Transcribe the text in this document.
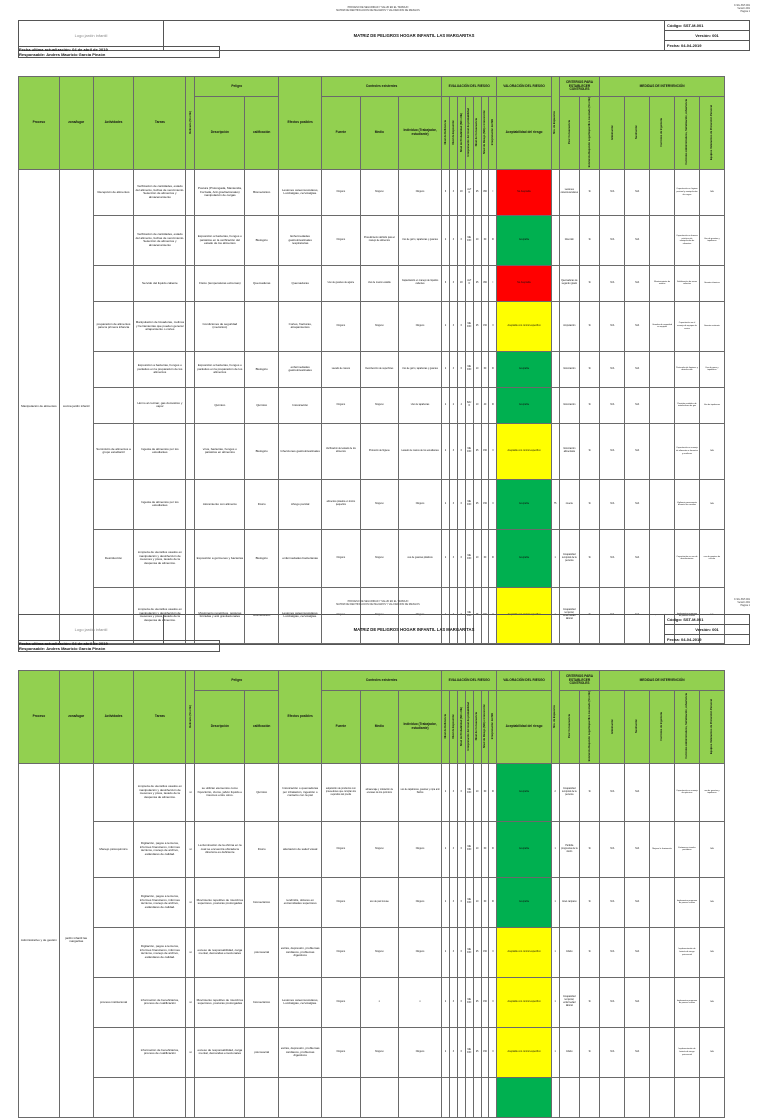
PROCESO DE SEGURIDAD Y SALUD EN EL TRABAJO
MATRIZ DE IDENTIFICACION DE PELIGROS Y VALORACION DE RIESGOS
F-SG-SST-001
Versión 001
Página 1
Logo jardín infantil	MATRIZ DE PELIGROS HOGAR INFANTIL LAS MARGARITAS	Código: SST-M-001
Versión: 001
Fecha: 04-04-2019
Fecha ultima actualización: 04 de abril de 2019
Responsable: Andres Mauricio García Pinzón
Proceso	zona/lugar	Actividades	Tareas	Rutinario (Si o No)	Peligro		Efectos posibles	Controles existentes			EVALUACIÓN DEL RIESGO							VALORACIÓN DEL RIESGO	Nro. de Expuestos	CRITERIOS PARA ESTABLECER CONTROLES		MEDIDAS DE INTERVENCIÓN				
					Descripción	calificación		Fuente	Medio	Individuo (Trabajador, estudiante)	Nivel de Deficiencia	Nivel de Exposición	Nivel de Probabilidad (ND x NE)	Interpretación del nivel de probabilidad	Nivel de Consecuencia	Nivel de Riesgo (NR) e intervención	Interpretación del NR	Aceptabilidad del riesgo		Peor Consecuencia	Existencia Requisito Legal Específico Asociado (Si o No)	Eliminación	Sustitución	Controles de Ingeniería	Controles Administrativos, Señalización, Advertencia	Equipos / Elementos de Protección Personal
Manipulación de alimentos	cocina jardín infantil	Recepción de alimentos	Verificación de cantidades, estado del alimento, fechas de vencimiento. Selección de alimentos y almacenamiento		Postura (Prolongada, Mantenida, Forzada, Anti gravitacionales) manipulación de cargas	Biomecánico	Lesiones osteomusculares, Lumbalgias, cervicalgias.	Ninguno	Ninguno	Ninguno	6	3	18	ALTO	25	450	I	No Aceptable		Lesiones osteomusculares	Si	N/A	N/A		Capacitación en higiene postural y manipulación de cargas	N/A
			Verificación de cantidades, estado del alimento, fechas de vencimiento. Selección de alimentos y almacenamiento		Exposición a bacterias, hongos o parásitos en la verificación del estado de los alimentos	Biologico	Enfermedades gastrointestinales respiratorias	Ninguno	Procedimiento definido para el manejo de alimentos	Uso de gorro, tapabocas y guantes	2	3	6	MEDIO	10	60	III	Aceptable		Infección	Si	N/A	N/A		Capacitación en buenas prácticas de manipulación de alimentos	Uso de guantes y tapabocas
			Servido del liquido caliente		Fisico (temperaturas extremas)	Quemaduras	Quemaduras	Uso de guantes de agarre	Uso de mesón estable	Capacitación en manejo de líquidos calientes	6	3	18	ALTO	25	450	I	No Aceptable		Quemaduras de segundo grado	Si	N/A	N/A	Mantenimiento de estufas	Señalización de zonas calientes	Guantes térmicos
		preparación de alimentos para la primera infancia	Manipulación de licuadoras, molinos y herramientas que pueden generar atrapamiento o cortes		Condiciones de seguridad (mecánico)		Cortes, fracturas, atrapamientos	Ninguno	Ninguno	Ninguno	2	3	6	MEDIO	25	150	II	Aceptable con control específico		Amputación	Si	N/A	N/A	Guardas de seguridad en equipos	Capacitación en el manejo de equipos de cocina	Guantes anticorte
			Exposición a bacterias, hongos o parásitos en la preparación de los alimentos		Exposición a bacterias, hongos o parásitos en la preparación de los alimentos	Biologico	enfermedades gastrointestinales	Lavado de manos	Desinfección de superficies	Uso de gorro, tapabocas y guantes	2	3	6	MEDIO	10	60	III	Aceptable		Intoxicación	Si	N/A	N/A		Protocolos de limpieza y desinfección	Uso de gorro y tapabocas
			Horno al cocinar, gas doméstico y vapor		Quimico	Quimico	Intoxicación	Ninguno	Ninguno	Uso de tapabocas	2	2	4	BAJO	10	40	III	Aceptable		Intoxicación	Si	N/A	N/A		Revisión periódica de instalaciones de gas	Uso de tapabocas
		Suministro de alimentos a grupo estudiantil	Ingesta de alimentos por los estudiantes		virus, bacterias, hongos o parásitos en alimentos	Biologico	Infecciones gastrointestinales	Verificación del estado de los alimentos	Protocolo de higiene	Lavado de manos de los estudiantes	2	3	6	MEDIO	25	150	II	Aceptable con control específico		Intoxicación alimentaria	Si	N/A	N/A		Capacitación en manejo de alimentos a docentes y auxiliares	N/A
			Ingesta de alimentos por los estudiantes		Atoramiento con alimento	Fisico	Ahogo parcial	alimentos picados en trozos pequeños	Ninguno	Ninguno	2	3	6	MEDIO	25	150	II	Aceptable	75	muerte	Si	N/A	N/A		Vigilancia permanente durante las comidas	N/A
		Desinfección	Limpieza de utensilios usados en manipulación y desinfección de mesones y pisos, lavado de la despensa de alimentos.		Exposición a gérmenes y bacterias	Biologico	enfermedades bacterianas	Ninguno	Ninguno	uso de guantes plásticos	2	3	6	MEDIO	10	60	III	Aceptable	1	Incapacidad temporal de la persona	Si	N/A	N/A		Capacitación en uso de desinfectantes	uso de guantes de caucho
			Limpieza de utensilios usados en manipulación y desinfección de mesones y pisos, lavado de la despensa de alimentos.		Movimiento repetitivos, posturas forzadas y anti gravitacionales	Biomecánico	Lesiones osteomusculares, Lumbalgias, cervicalgias.	Ninguno	Ninguno	Ninguno	2	3	6	MEDIO	25	150	II	Aceptable con control específico	1	Incapacidad temporal, enfermedad laboral	Si	N/A	N/A	pausas activas	Implementar programa de pausas activas	N/A
PROCESO DE SEGURIDAD Y SALUD EN EL TRABAJO
MATRIZ DE IDENTIFICACION DE PELIGROS Y VALORACION DE RIESGOS
F-SG-SST-001
Versión 001
Página 1
Logo jardín infantil	MATRIZ DE PELIGROS HOGAR INFANTIL LAS MARGARITAS	Código: SST-M-001
Versión: 001
Fecha: 04-04-2019
Fecha ultima actualización: 04 de abril de 2019
Responsable: Andres Mauricio García Pinzón
Proceso	zona/lugar	Actividades	Tareas	Rutinario (Si o No)	Peligro		Efectos posibles	Controles existentes			EVALUACIÓN DEL RIESGO							VALORACIÓN DEL RIESGO	Nro. de Expuestos	CRITERIOS PARA ESTABLECER CONTROLES		MEDIDAS DE INTERVENCIÓN				
					Descripción	calificación		Fuente	Medio	Individuo (Trabajador, estudiante)	Nivel de Deficiencia	Nivel de Exposición	Nivel de Probabilidad (ND x NE)	Interpretación del nivel de probabilidad	Nivel de Consecuencia	Nivel de Riesgo (NR) e intervención	Interpretación del NR	Aceptabilidad del riesgo		Peor Consecuencia	Existencia Requisito Legal Específico Asociado (Si o No)	Eliminación	Sustitución	Controles de Ingeniería	Controles Administrativos, Señalización, Advertencia	Equipos / Elementos de Protección Personal
Administrativo y de gestión	jardín infantil las margaritas		Limpieza de utensilios usados en manipulación y desinfección de mesones y pisos, lavado de la despensa de alimentos.	si	se utilizan elementos como hipoclorito, cloros, jabón líquido e insumos entre otros.	Quimico	Intoxicación o quemaduras por inhalación, ingestión o contacto con la piel	adquisición de productos con proveedores que cumplan los requisitos del predio	almacenaje y rotulación de envases de los químicos	uso de tapabocas, guantes y ropa anti fluidos	2	3	6	MEDIO	10	60	III	Aceptable	2	Incapacidad temporal de la persona	Si	N/A	N/A		Capacitación en manejo de químicos	uso de guantes y tapabocas
		Manejo psicoquímico	Digitación, pagos a terceros, informes financieros, informes técnicos, manejo de archivo, estándares de calidad.	si	La iluminación de la oficina en la cual se encuentra ubicada la directora es deficiente	Fisico	afectación de salud visual	Ninguno	Ninguno	Ninguno	2	3	6	MEDIO	10	60	III	Aceptable	1	Pérdida progresiva de la visión	Si	N/A	N/A	Mejorar la iluminación	Exámenes visuales periódicos	N/A
			Digitación, pagos a terceros, informes financieros, informes técnicos, manejo de archivo, estándares de calidad.	si	Movimiento repetitivo de miembros superiores, posturas prolongadas	biomecánico	tendinitis, dolores en extremidades superiores	Ninguno	uso de pad mouse	Ninguno	2	3	6	MEDIO	10	60	III	Aceptable	1	túnel carpiano	Si	N/A	N/A		Implementar programa de pausas activas	N/A
			Digitación, pagos a terceros, informes financieros, informes técnicos, manejo de archivo, estándares de calidad.	si	exceso de responsabilidad, carga mental, demandas emocionales	psicosocial	estrés, depresión, problemas cardiacos, problemas digestivos	Ninguno	Ninguno	Ninguno	2	3	6	MEDIO	25	150	II	Aceptable con control específico	1	Infarto	Si	N/A	N/A		Implementación de batería de riesgo psicosocial	N/A
		proceso institucional	información de beneficiarios, proceso de cualificación	si	Movimiento repetitivo de miembros superiores, posturas prolongadas	biomecánico	Lesiones osteomusculares, Lumbalgias, cervicalgias.	Ninguno	n	n	2	3	6	MEDIO	25	150	II	Aceptable con control específico	1	Incapacidad temporal, enfermedad laboral	Si	N/A	N/A		Implementar programa de pausas activas	N/A
			información de beneficiarios, proceso de cualificación	si	exceso de responsabilidad, carga mental, demandas emocionales	psicosocial	estrés, depresión, problemas cardiacos, problemas digestivos	Ninguno	Ninguno	Ninguno	2	3	6	MEDIO	25	150	II	Aceptable con control específico	1	Infarto	Si	N/A	N/A		Implementación de batería de riesgo psicosocial	N/A
